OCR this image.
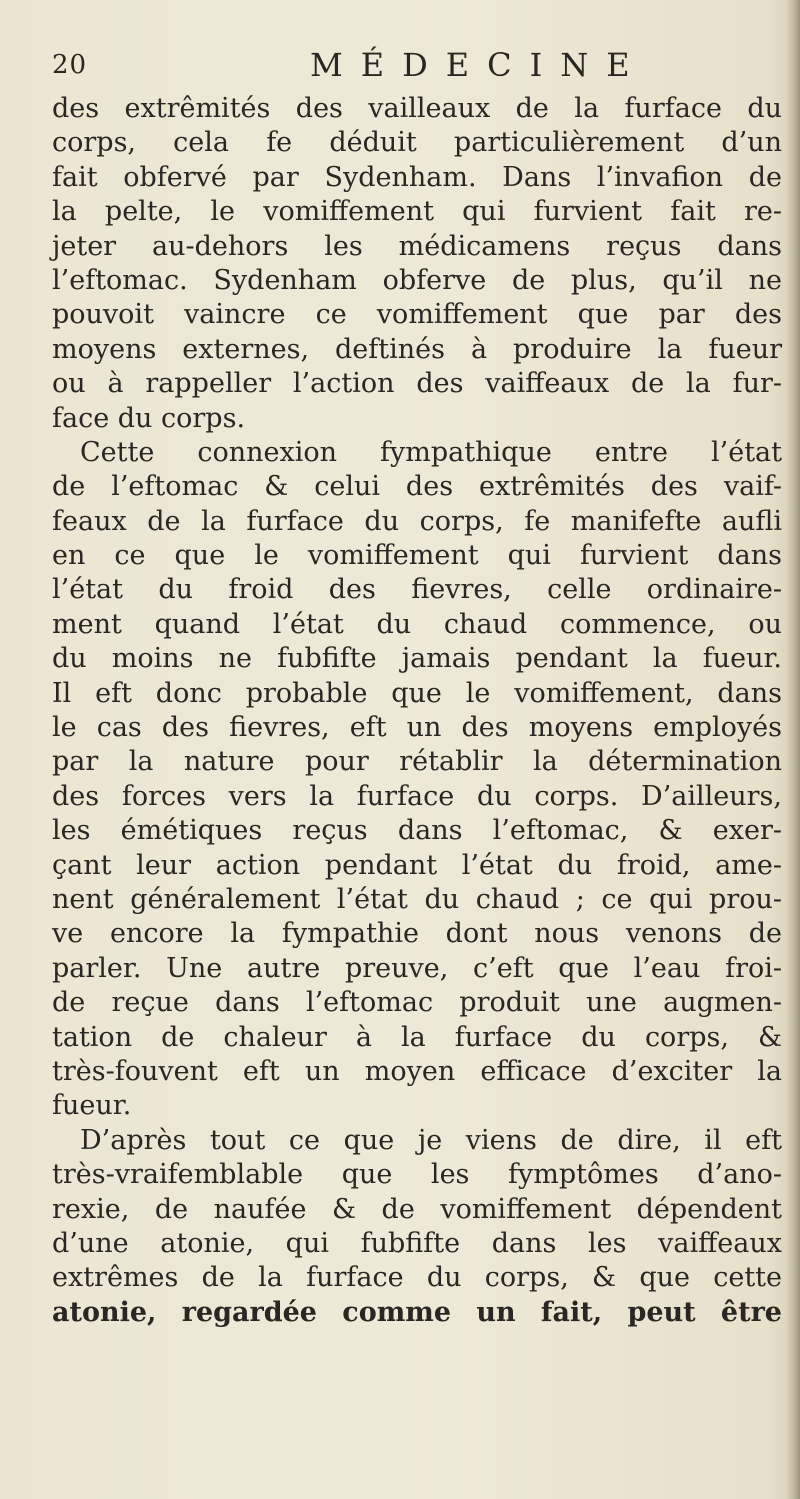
20	MÉDECINE
des extrêmités des vailleaux de la furface du
corps, cela fe déduit particulièrement d’un
fait obfervé par Sydenham. Dans l’invafion de
la pelte, le vomiffement qui furvient fait re-
jeter au-dehors les médicamens reçus dans
l’eftomac. Sydenham obferve de plus, qu’il ne
pouvoit vaincre ce vomiffement que par des
moyens externes, deftinés à produire la fueur
ou à rappeller l’action des vaiffeaux de la fur-
face du corps.
Cette connexion fympathique entre l’état
de l’eftomac & celui des extrêmités des vaif-
feaux de la furface du corps, fe manifefte aufli
en ce que le vomiffement qui furvient dans
l’état du froid des fievres, celle ordinaire-
ment quand l’état du chaud commence, ou
du moins ne fubfifte jamais pendant la fueur.
Il eft donc probable que le vomiffement, dans
le cas des fievres, eft un des moyens employés
par la nature pour rétablir la détermination
des forces vers la furface du corps. D’ailleurs,
les émétiques reçus dans l’eftomac, & exer-
çant leur action pendant l’état du froid, ame-
nent généralement l’état du chaud ; ce qui prou-
ve encore la fympathie dont nous venons de
parler. Une autre preuve, c’eft que l’eau froi-
de reçue dans l’eftomac produit une augmen-
tation de chaleur à la furface du corps, &
très-fouvent eft un moyen efficace d’exciter la
fueur.
D’après tout ce que je viens de dire, il eft
très-vraifemblable que les fymptômes d’ano-
rexie, de naufée & de vomiffement dépendent
d’une atonie, qui fubfifte dans les vaiffeaux
extrêmes de la furface du corps, & que cette
atonie, regardée comme un fait, peut être
